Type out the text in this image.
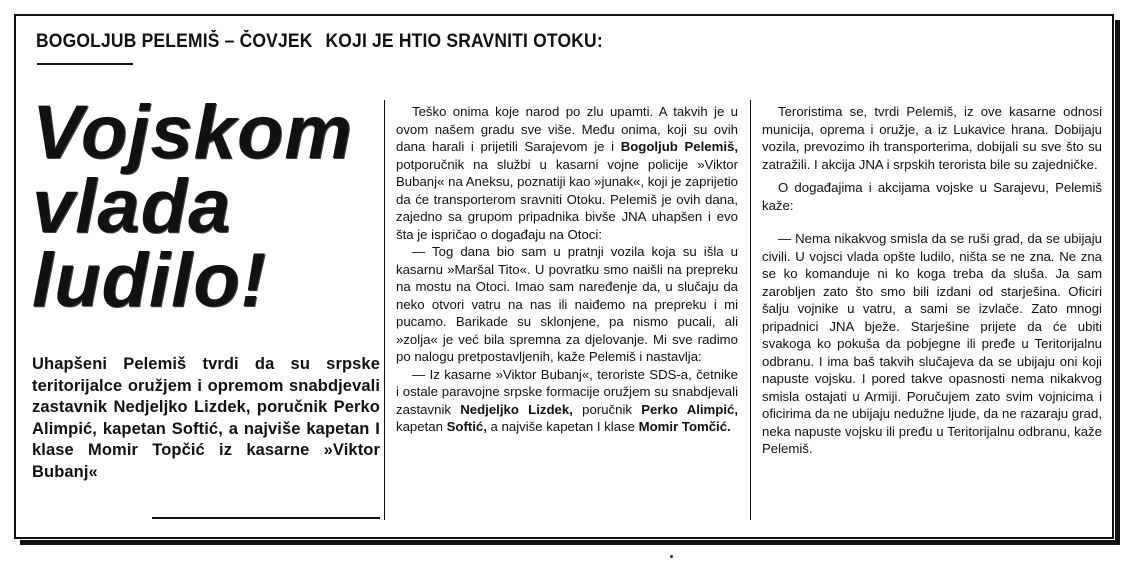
BOGOLJUB PELEMIŠ – ČOVJEK KOJI JE HTIO SRAVNITI OTOKU:
Vojskom
vlada
ludilo!
Uhapšeni Pelemiš tvrdi da su srpske teritorijalce oružjem i opremom snabdjevali zastavnik Nedjeljko Lizdek, poručnik Perko Alimpić, kapetan Softić, a najviše kapetan I klase Momir Topčić iz kasarne »Viktor Bubanj«

Teško onima koje narod po zlu upamti. A takvih je u ovom našem gradu sve više. Među onima, koji su ovih dana harali i prijetili Sarajevom je i Bogoljub Pelemiš, potporučnik na službi u kasarni vojne policije »Viktor Bubanj« na Aneksu, poznatiji kao »junak«, koji je zaprijetio da će transporterom sravniti Otoku. Pelemiš je ovih dana, zajedno sa grupom pripadnika bivše JNA uhapšen i evo šta je ispričao o događaju na Otoci:

— Tog dana bio sam u pratnji vozila koja su išla u kasarnu »Maršal Tito«. U povratku smo naišli na prepreku na mostu na Otoci. Imao sam naređenje da, u slučaju da neko otvori vatru na nas ili naiđemo na prepreku i mi pucamo. Barikade su sklonjene, pa nismo pucali, ali »zolja« je već bila spremna za djelovanje. Mi sve radimo po nalogu pretpostavljenih, kaže Pelemiš i nastavlja:

— Iz kasarne »Viktor Bubanj«, teroriste SDS-a, četnike i ostale paravojne srpske formacije oružjem su snabdjevali zastavnik Nedjeljko Lizdek, poručnik Perko Alimpić, kapetan Softić, a najviše kapetan I klase Momir Tomčić.

Teroristima se, tvrdi Pelemiš, iz ove kasarne odnosi municija, oprema i oružje, a iz Lukavice hrana. Dobijaju vozila, prevozimo ih transporterima, dobijali su sve što su zatražili. I akcija JNA i srpskih terorista bile su zajedničke.

O događajima i akcijama vojske u Sarajevu, Pelemiš kaže:

— Nema nikakvog smisla da se ruši grad, da se ubijaju civili. U vojsci vlada opšte ludilo, ništa se ne zna. Ne zna se ko komanduje ni ko koga treba da sluša. Ja sam zarobljen zato što smo bili izdani od starješina. Oficiri šalju vojnike u vatru, a sami se izvlače. Zato mnogi pripadnici JNA bježe. Starješine prijete da će ubiti svakoga ko pokuša da pobjegne ili pređe u Teritorijalnu odbranu. I ima baš takvih slučajeva da se ubijaju oni koji napuste vojsku. I pored takve opasnosti nema nikakvog smisla ostajati u Armiji. Poručujem zato svim vojnicima i oficirima da ne ubijaju nedužne ljude, da ne razaraju grad, neka napuste vojsku ili pređu u Teritorijalnu odbranu, kaže Pelemiš.
